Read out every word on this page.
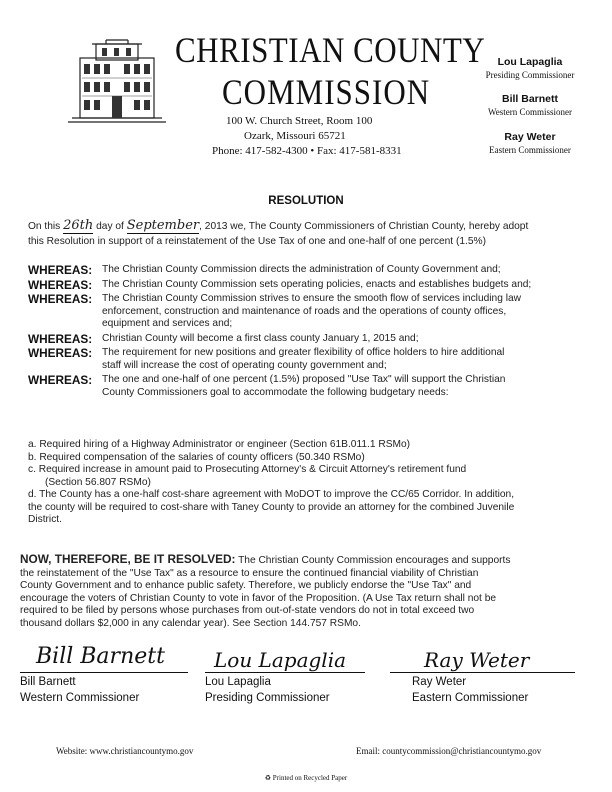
CHRISTIAN COUNTY
COMMISSION
100 W. Church Street, Room 100
Ozark, Missouri 65721
Phone: 417-582-4300 • Fax: 417-581-8331
Lou Lapaglia
Presiding Commissioner
Bill Barnett
Western Commissioner
Ray Weter
Eastern Commissioner
RESOLUTION
On this 26th day of September, 2013 we, The County Commissioners of Christian County, hereby adopt
this Resolution in support of a reinstatement of the Use Tax of one and one-half of one percent (1.5%)
WHEREAS: The Christian County Commission directs the administration of County Government and;
WHEREAS: The Christian County Commission sets operating policies, enacts and establishes budgets and;
WHEREAS: The Christian County Commission strives to ensure the smooth flow of services including law
enforcement, construction and maintenance of roads and the operations of county offices,
equipment and services and;
WHEREAS: Christian County will become a first class county January 1, 2015 and;
WHEREAS: The requirement for new positions and greater flexibility of office holders to hire additional
staff will increase the cost of operating county government and;
WHEREAS: The one and one-half of one percent (1.5%) proposed "Use Tax" will support the Christian
County Commissioners goal to accommodate the following budgetary needs:
a. Required hiring of a Highway Administrator or engineer (Section 61B.011.1 RSMo)
b. Required compensation of the salaries of county officers (50.340 RSMo)
c. Required increase in amount paid to Prosecuting Attorney's & Circuit Attorney's retirement fund
(Section 56.807 RSMo)
d. The County has a one-half cost-share agreement with MoDOT to improve the CC/65 Corridor. In addition,
the county will be required to cost-share with Taney County to provide an attorney for the combined Juvenile
District.
NOW, THEREFORE, BE IT RESOLVED: The Christian County Commission encourages and supports
the reinstatement of the "Use Tax" as a resource to ensure the continued financial viability of Christian
County Government and to enhance public safety. Therefore, we publicly endorse the "Use Tax" and
encourage the voters of Christian County to vote in favor of the Proposition. (A Use Tax return shall not be
required to be filed by persons whose purchases from out-of-state vendors do not in total exceed two
thousand dollars $2,000 in any calendar year). See Section 144.757 RSMo.
Bill Barnett
Bill Barnett
Western Commissioner
Lou Lapaglia
Lou Lapaglia
Presiding Commissioner
Ray Weter
Ray Weter
Eastern Commissioner
Website: www.christiancountymo.gov	Email: countycommission@christiancountymo.gov
♻ Printed on Recycled Paper
